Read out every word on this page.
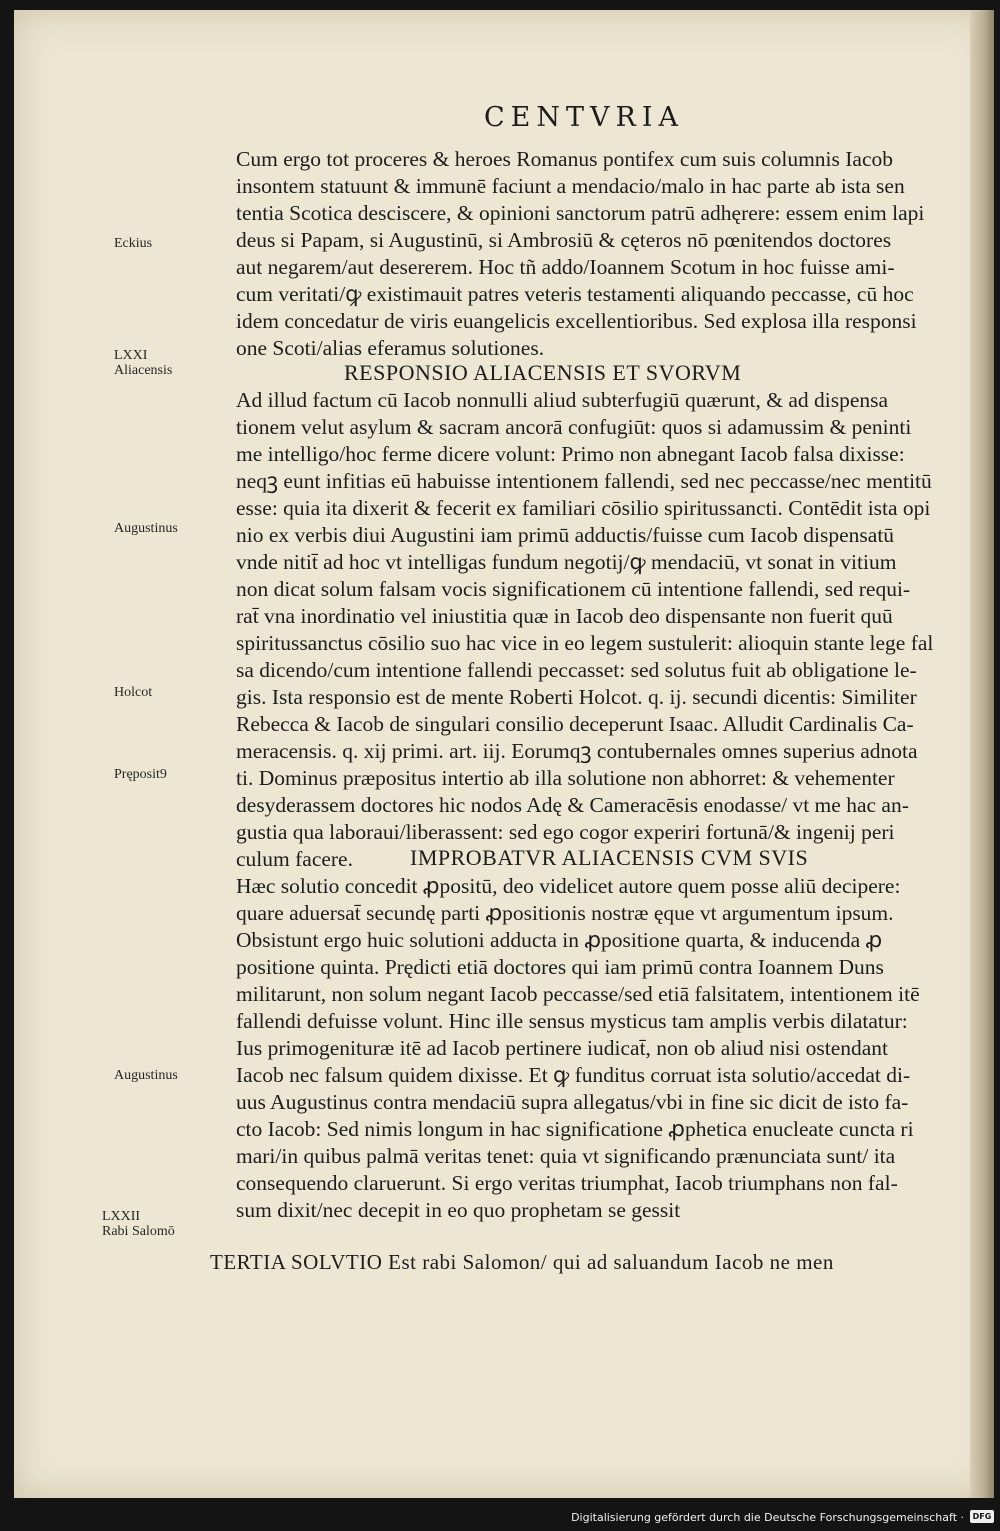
CENTVRIA
Cum ergo tot proceres & heroes Romanus pontifex cum suis columnis Iacob
insontem statuunt & immunē faciunt a mendacio/malo in hac parte ab ista sen
tentia Scotica desciscere, & opinioni sanctorum patrū adhęrere: essem enim lapi
deus si Papam, si Augustinū, si Ambrosiū & cęteros nō pœnitendos doctores
aut negarem/aut desererem. Hoc tñ addo/Ioannem Scotum in hoc fuisse ami-
cum veritati/ꝙ existimauit patres veteris testamenti aliquando peccasse, cū hoc
idem concedatur de viris euangelicis excellentioribus. Sed explosa illa responsi
one Scoti/alias eferamus solutiones.
RESPONSIO ALIACENSIS ET SVORVM
Ad illud factum cū Iacob nonnulli aliud subterfugiū quærunt, & ad dispensa
tionem velut asylum & sacram ancorā confugiūt: quos si adamussim & peninti
me intelligo/hoc ferme dicere volunt: Primo non abnegant Iacob falsa dixisse:
neqꝫ eunt infitias eū habuisse intentionem fallendi, sed nec peccasse/nec mentitū
esse: quia ita dixerit & fecerit ex familiari cōsilio spiritussancti. Contēdit ista opi
nio ex verbis diui Augustini iam primū adductis/fuisse cum Iacob dispensatū
vnde nitit̄ ad hoc vt intelligas fundum negotij/ꝙ mendaciū, vt sonat in vitium
non dicat solum falsam vocis significationem cū intentione fallendi, sed requi-
rat̄ vna inordinatio vel iniustitia quæ in Iacob deo dispensante non fuerit quū
spiritussanctus cōsilio suo hac vice in eo legem sustulerit: alioquin stante lege fal
sa dicendo/cum intentione fallendi peccasset: sed solutus fuit ab obligatione le-
gis. Ista responsio est de mente Roberti Holcot. q. ij. secundi dicentis: Similiter
Rebecca & Iacob de singulari consilio deceperunt Isaac. Alludit Cardinalis Ca-
meracensis. q. xij primi. art. iij. Eorumqꝫ contubernales omnes superius adnota
ti. Dominus præpositus intertio ab illa solutione non abhorret: & vehementer
desyderassem doctores hic nodos Adę & Cameracēsis enodasse/ vt me hac an-
gustia qua laboraui/liberassent: sed ego cogor experiri fortunā/& ingenij peri
culum facere.	IMPROBATVR ALIACENSIS CVM SVIS
Hæc solutio concedit ꝓpositū, deo videlicet autore quem posse aliū decipere:
quare aduersat̄ secundę parti ꝓpositionis nostræ ęque vt argumentum ipsum.
Obsistunt ergo huic solutioni adducta in ꝓpositione quarta, & inducenda ꝓ
positione quinta. Prędicti etiā doctores qui iam primū contra Ioannem Duns
militarunt, non solum negant Iacob peccasse/sed etiā falsitatem, intentionem itē
fallendi defuisse volunt. Hinc ille sensus mysticus tam amplis verbis dilatatur:
Ius primogenituræ itē ad Iacob pertinere iudicat̄, non ob aliud nisi ostendant
Iacob nec falsum quidem dixisse. Et ꝙ funditus corruat ista solutio/accedat di-
uus Augustinus contra mendaciū supra allegatus/vbi in fine sic dicit de isto fa-
cto Iacob: Sed nimis longum in hac significatione ꝓphetica enucleate cuncta ri
mari/in quibus palmā veritas tenet: quia vt significando prænunciata sunt/ ita
consequendo claruerunt. Si ergo veritas triumphat, Iacob triumphans non fal-
sum dixit/nec decepit in eo quo prophetam se gessit
TERTIA SOLVTIO Est rabi Salomon/ qui ad saluandum Iacob ne men
Eckius
LXXI
Aliacensis
Augustinus
Holcot
Pręposit9
Augustinus
LXXII
Rabi Salomō
Digitalisierung gefördert durch die Deutsche Forschungsgemeinschaft ·	DFG
